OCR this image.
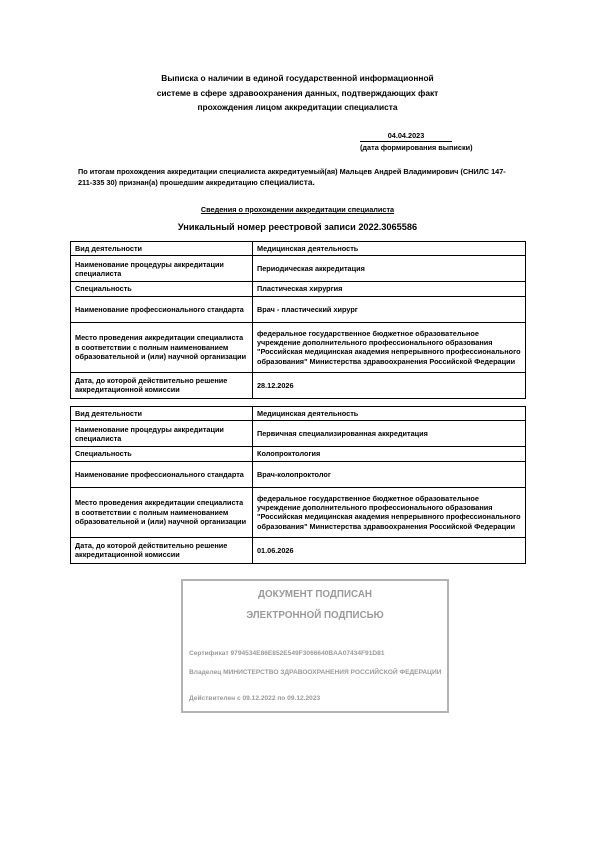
Выписка о наличии в единой государственной информационной
системе в сфере здравоохранения данных, подтверждающих факт
прохождения лицом аккредитации специалиста
04.04.2023
(дата формирования выписки)
По итогам прохождения аккредитации специалиста аккредитуемый(ая) Мальцев Андрей Владимирович (СНИЛС 147-211-335 30) признан(а) прошедшим аккредитацию специалиста.
Сведения о прохождении аккредитации специалиста
Уникальный номер реестровой записи 2022.3065586
Вид деятельности	Медицинская деятельность
Наименование процедуры аккредитации специалиста	Периодическая аккредитация
Специальность	Пластическая хирургия
Наименование профессионального стандарта	Врач - пластический хирург
Место проведения аккредитации специалиста в соответствии с полным наименованием образовательной и (или) научной организации	федеральное государственное бюджетное образовательное учреждение дополнительного профессионального образования "Российская медицинская академия непрерывного профессионального образования" Министерства здравоохранения Российской Федерации
Дата, до которой действительно решение аккредитационной комиссии	28.12.2026
Вид деятельности	Медицинская деятельность
Наименование процедуры аккредитации специалиста	Первичная специализированная аккредитация
Специальность	Колопроктология
Наименование профессионального стандарта	Врач-колопроктолог
Место проведения аккредитации специалиста в соответствии с полным наименованием образовательной и (или) научной организации	федеральное государственное бюджетное образовательное учреждение дополнительного профессионального образования "Российская медицинская академия непрерывного профессионального образования" Министерства здравоохранения Российской Федерации
Дата, до которой действительно решение аккредитационной комиссии	01.06.2026
ДОКУМЕНТ ПОДПИСАН
ЭЛЕКТРОННОЙ ПОДПИСЬЮ
Сертификат 9794534E86E852E549F3066640BAA07434F91D81
Владелец МИНИСТЕРСТВО ЗДРАВООХРАНЕНИЯ РОССИЙСКОЙ ФЕДЕРАЦИИ
Действителен с 09.12.2022 по 09.12.2023
